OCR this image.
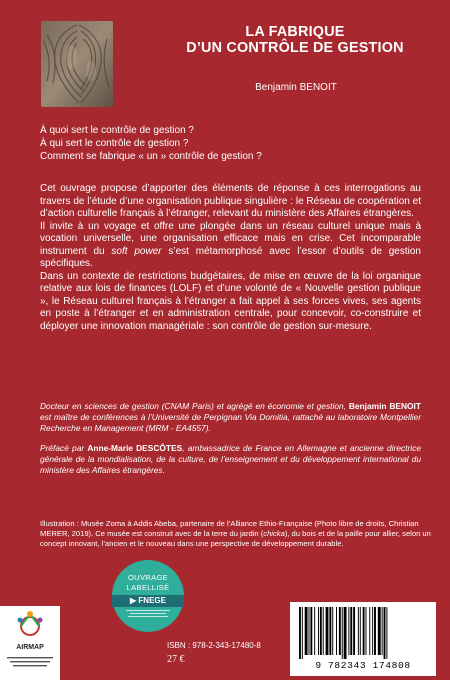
LA FABRIQUE
D’UN CONTRÔLE DE GESTION
Benjamin BENOIT
À quoi sert le contrôle de gestion ?
À qui sert le contrôle de gestion ?
Comment se fabrique « un » contrôle de gestion ?

Cet ouvrage propose d’apporter des éléments de réponse à ces interrogations au travers de l’étude d’une organisation publique singulière : le Réseau de coopération et d’action culturelle français à l’étranger, relevant du ministère des Affaires étrangères.

Il invite à un voyage et offre une plongée dans un réseau culturel unique mais à vocation universelle, une organisation efficace mais en crise. Cet incomparable instrument du soft power s’est métamorphosé avec l’essor d’outils de gestion spécifiques.

Dans un contexte de restrictions budgétaires, de mise en œuvre de la loi organique relative aux lois de finances (LOLF) et d’une volonté de « Nouvelle gestion publique », le Réseau culturel français à l’étranger a fait appel à ses forces vives, ses agents en poste à l’étranger et en administration centrale, pour concevoir, co-construire et déployer une innovation managériale : son contrôle de gestion sur-mesure.

Docteur en sciences de gestion (CNAM Paris) et agrégé en économie et gestion, Benjamin BENOIT est maître de conférences à l’Université de Perpignan Via Domitia, rattaché au laboratoire Montpellier Recherche en Management (MRM - EA4557).

Préfacé par Anne-Marie DESCÔTES, ambassadrice de France en Allemagne et ancienne directrice générale de la mondialisation, de la culture, de l’enseignement et du développement international du ministère des Affaires étrangères.

Illustration : Musée Zoma à Addis Abeba, partenaire de l’Alliance Ethio-Française (Photo libre de droits, Christian MERER, 2019). Ce musée est construit avec de la terre du jardin (chicka), du bois et de la paille pour allier, selon un concept innovant, l’ancien et le nouveau dans une perspective de développement durable.

OUVRAGE
LABELLISÉ
▶ FNEGE
AIRMAP	ISBN : 978-2-343-17480-8
27 €
9 782343 174808
